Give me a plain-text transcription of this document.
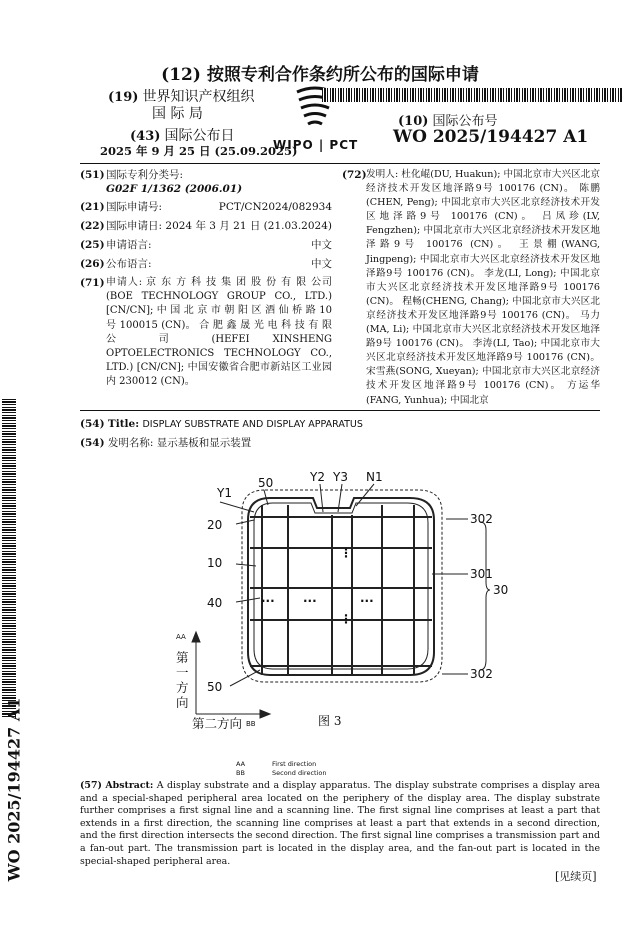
(12) 按照专利合作条约所公布的国际申请
(19) 世界知识产权组织
国 际 局
(43) 国际公布日
2025 年 9 月 25 日 (25.09.2025)
WIPO | PCT
(10) 国际公布号
WO 2025/194427 A1
(51) 国际专利分类号:
G02F 1/1362 (2006.01)
(21) 国际申请号:	PCT/CN2024/082934
(22) 国际申请日: 2024 年 3 月 21 日 (21.03.2024)
(25) 申请语言:	中文
(26) 公布语言:	中文
(71) 申请人: 京 东 方 科 技 集 团 股 份 有 限 公司(BOE TECHNOLOGY GROUP CO., LTD.) [CN/CN]; 中 国 北 京 市 朝 阳 区 酒 仙 桥 路 10 号 100015 (CN)。 合 肥 鑫 晟 光 电 科 技 有 限 公 司 (HEFEI XINSHENG OPTOELECTRONICS TECHNOLOGY CO., LTD.) [CN/CN]; 中国安徽省合肥市新站区工业园内 230012 (CN)。
(72) 发明人: 杜化崐(DU, Huakun); 中国北京市大兴区北京经济技术开发区地泽路9号 100176 (CN)。 陈鹏(CHEN, Peng); 中国北京市大兴区北京经济技术开发区地泽路9号 100176 (CN)。 吕凤珍(LV, Fengzhen); 中国北京市大兴区北京经济技术开发区地泽路9号 100176 (CN)。 王景棚(WANG, Jingpeng); 中国北京市大兴区北京经济技术开发区地泽路9号 100176 (CN)。 李龙(LI, Long); 中国北京市大兴区北京经济技术开发区地泽路9号 100176 (CN)。 程畅(CHENG, Chang); 中国北京市大兴区北京经济技术开发区地泽路9号 100176 (CN)。 马力(MA, Li); 中国北京市大兴区北京经济技术开发区地泽路9号 100176 (CN)。 李涛(LI, Tao); 中国北京市大兴区北京经济技术开发区地泽路9号 100176 (CN)。 宋雪燕(SONG, Xueyan); 中国北京市大兴区北京经济技术开发区地泽路9号 100176 (CN)。 方运华(FANG, Yunhua); 中国北京
(54) Title: DISPLAY SUBSTRATE AND DISPLAY APPARATUS
(54) 发明名称: 显示基板和显示装置
WO 2025/194427 A1
Y1
50	Y2 Y3 N1
20	302
10
301
30
40
302
50
⋮
··· ···	···
⋮
AA
第一方向
第二方向 BB	图 3
AA	First direction
BB	Second direction
(57) Abstract: A display substrate and a display apparatus. The display substrate comprises a display area and a special-shaped peripheral area located on the periphery of the display area. The display substrate further comprises a first signal line and a scanning line. The first signal line comprises at least a part that extends in a first direction, the scanning line comprises at least a part that extends in a second direction, and the first direction intersects the second direction. The first signal line comprises a transmission part and a fan-out part. The transmission part is located in the display area, and the fan-out part is located in the special-shaped peripheral area.
[见续页]
